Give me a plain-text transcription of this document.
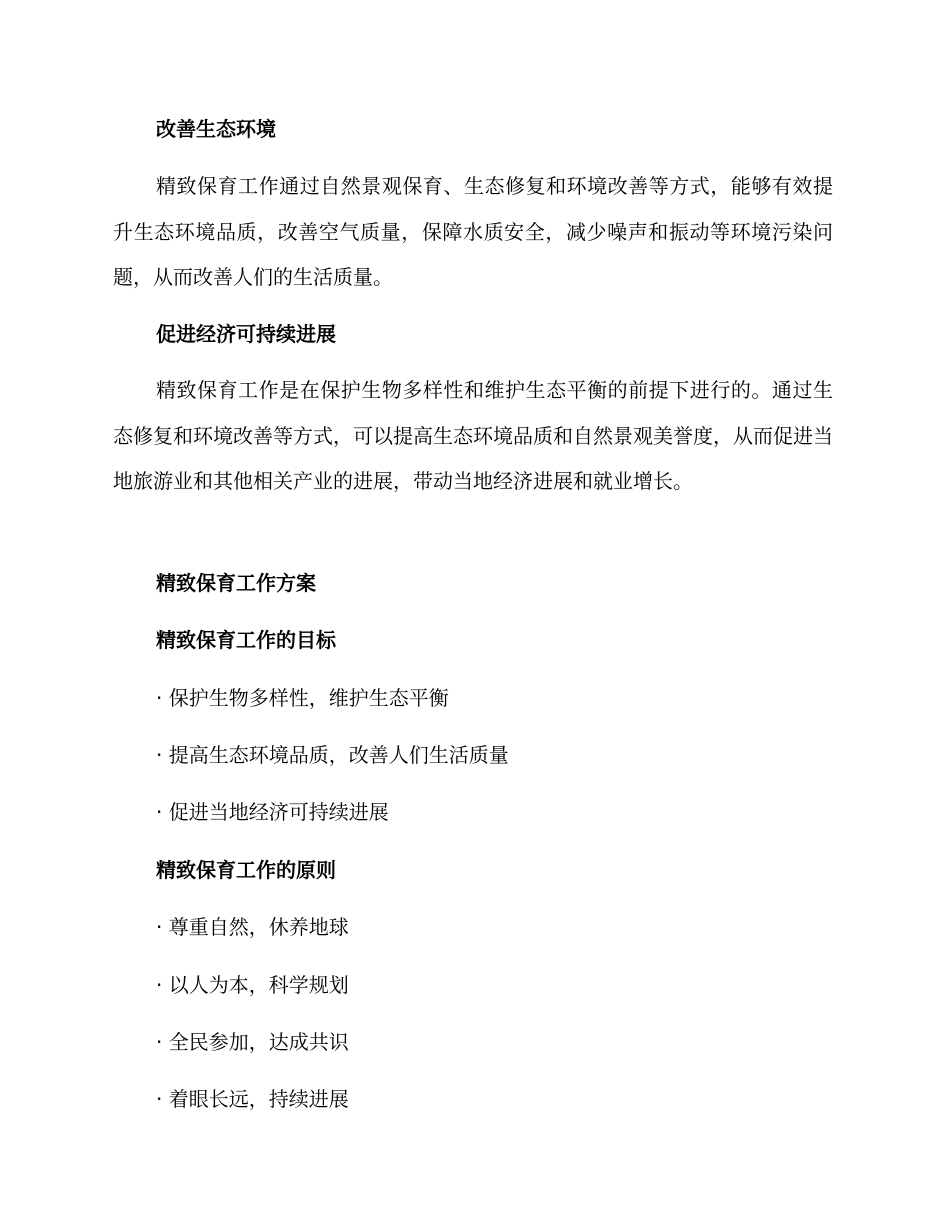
改善生态环境

精致保育工作通过自然景观保育、生态修复和环境改善等方式，能够有效提升生态环境品质，改善空气质量，保障水质安全，减少噪声和振动等环境污染问题，从而改善人们的生活质量。

促进经济可持续进展

精致保育工作是在保护生物多样性和维护生态平衡的前提下进行的。通过生态修复和环境改善等方式，可以提高生态环境品质和自然景观美誉度，从而促进当地旅游业和其他相关产业的进展，带动当地经济进展和就业增长。

精致保育工作方案
精致保育工作的目标
· 保护生物多样性，维护生态平衡
· 提高生态环境品质，改善人们生活质量
· 促进当地经济可持续进展
精致保育工作的原则
· 尊重自然，休养地球
· 以人为本，科学规划
· 全民参加，达成共识
· 着眼长远，持续进展
